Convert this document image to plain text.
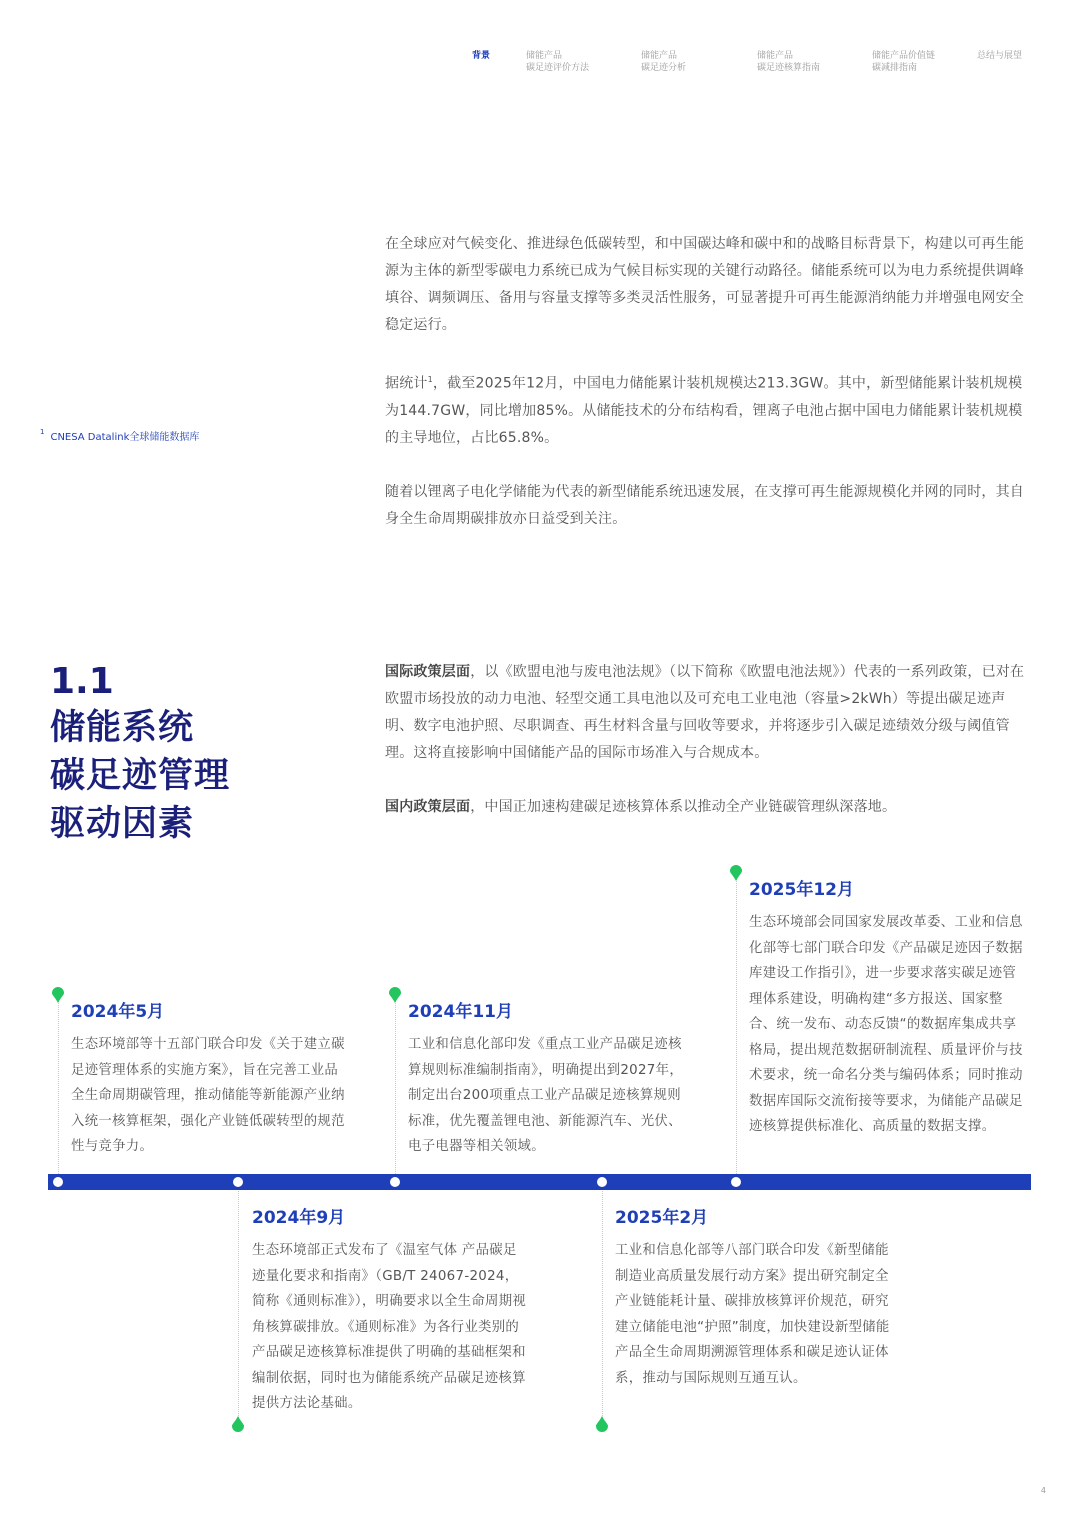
背景	储能产品
碳足迹评价方法
储能产品
碳足迹分析
储能产品
碳足迹核算指南
储能产品价值链
碳减排指南
总结与展望

在全球应对气候变化、推进绿色低碳转型，和中国碳达峰和碳中和的战略目标背景下，构建以可再生能源为主体的新型零碳电力系统已成为气候目标实现的关键行动路径。储能系统可以为电力系统提供调峰填谷、调频调压、备用与容量支撑等多类灵活性服务，可显著提升可再生能源消纳能力并增强电网安全稳定运行。

据统计$^1$，截至2025年12月，中国电力储能累计装机规模达213.3GW。其中，新型储能累计装机规模为144.7GW，同比增加85%。从储能技术的分布结构看，锂离子电池占据中国电力储能累计装机规模的主导地位，占比65.8%。

随着以锂离子电化学储能为代表的新型储能系统迅速发展，在支撑可再生能源规模化并网的同时，其自身全生命周期碳排放亦日益受到关注。

$^1$ CNESA Datalink全球储能数据库
1.1
储能系统
碳足迹管理
驱动因素

国际政策层面，以《欧盟电池与废电池法规》（以下简称《欧盟电池法规》）代表的一系列政策，已对在欧盟市场投放的动力电池、轻型交通工具电池以及可充电工业电池（容量>2kWh）等提出碳足迹声明、数字电池护照、尽职调查、再生材料含量与回收等要求，并将逐步引入碳足迹绩效分级与阈值管理。这将直接影响中国储能产品的国际市场准入与合规成本。

国内政策层面，中国正加速构建碳足迹核算体系以推动全产业链碳管理纵深落地。

2024年5月

生态环境部等十五部门联合印发《关于建立碳足迹管理体系的实施方案》，旨在完善工业品全生命周期碳管理，推动储能等新能源产业纳入统一核算框架，强化产业链低碳转型的规范性与竞争力。

2024年9月

生态环境部正式发布了《温室气体 产品碳足迹量化要求和指南》（GB/T 24067-2024，简称《通则标准》），明确要求以全生命周期视角核算碳排放。《通则标准》为各行业类别的产品碳足迹核算标准提供了明确的基础框架和编制依据，同时也为储能系统产品碳足迹核算提供方法论基础。

2024年11月

工业和信息化部印发《重点工业产品碳足迹核算规则标准编制指南》，明确提出到2027年，制定出台200项重点工业产品碳足迹核算规则标准，优先覆盖锂电池、新能源汽车、光伏、电子电器等相关领域。

2025年2月

工业和信息化部等八部门联合印发《新型储能制造业高质量发展行动方案》提出研究制定全产业链能耗计量、碳排放核算评价规范，研究建立储能电池“护照”制度，加快建设新型储能产品全生命周期溯源管理体系和碳足迹认证体系，推动与国际规则互通互认。

2025年12月

生态环境部会同国家发展改革委、工业和信息化部等七部门联合印发《产品碳足迹因子数据库建设工作指引》，进一步要求落实碳足迹管理体系建设，明确构建“多方报送、国家整合、统一发布、动态反馈“的数据库集成共享格局，提出规范数据研制流程、质量评价与技术要求，统一命名分类与编码体系；同时推动数据库国际交流衔接等要求，为储能产品碳足迹核算提供标准化、高质量的数据支撑。

4
